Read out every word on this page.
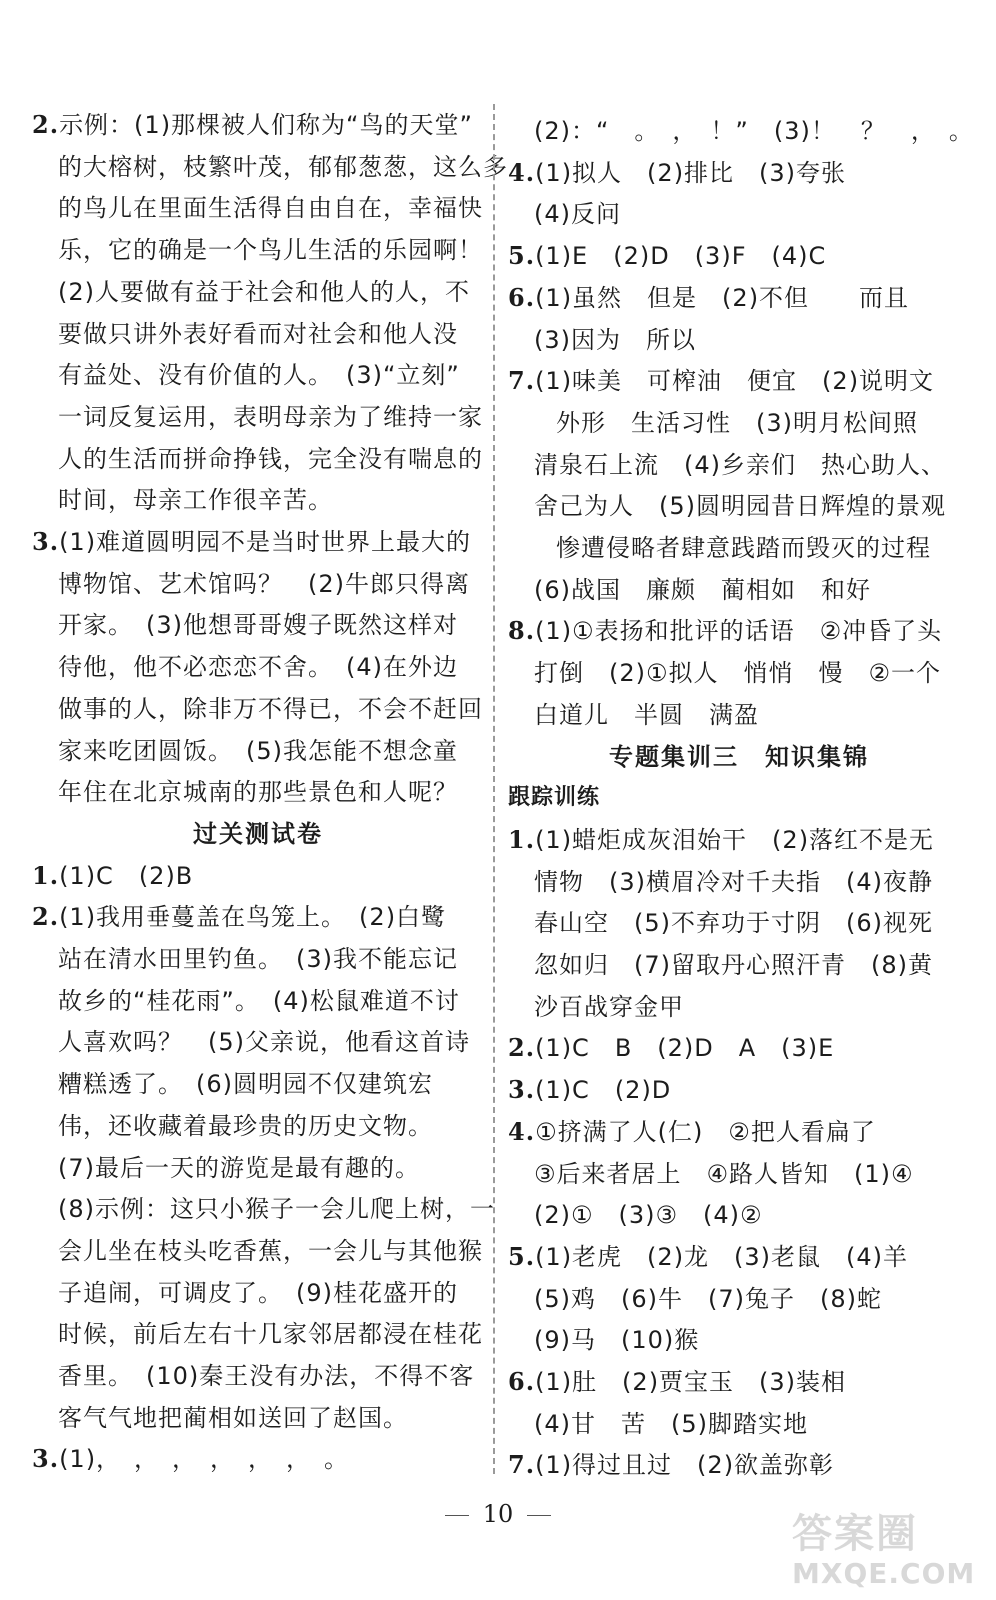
2.示例：(1)那棵被人们称为“鸟的天堂”
的大榕树，枝繁叶茂，郁郁葱葱，这么多
的鸟儿在里面生活得自由自在，幸福快
乐，它的确是一个鸟儿生活的乐园啊！
(2)人要做有益于社会和他人的人，不
要做只讲外表好看而对社会和他人没
有益处、没有价值的人。　(3)“立刻”
一词反复运用，表明母亲为了维持一家
人的生活而拼命挣钱，完全没有喘息的
时间，母亲工作很辛苦。
3.(1)难道圆明园不是当时世界上最大的
博物馆、艺术馆吗？　(2)牛郎只得离
开家。　(3)他想哥哥嫂子既然这样对
待他，他不必恋恋不舍。　(4)在外边
做事的人，除非万不得已，不会不赶回
家来吃团圆饭。　(5)我怎能不想念童
年住在北京城南的那些景色和人呢？
过关测试卷
1.(1)C　(2)B
2.(1)我用垂蔓盖在鸟笼上。　(2)白鹭
站在清水田里钓鱼。　(3)我不能忘记
故乡的“桂花雨”。　(4)松鼠难道不讨
人喜欢吗？　(5)父亲说，他看这首诗
糟糕透了。　(6)圆明园不仅建筑宏
伟，还收藏着最珍贵的历史文物。
(7)最后一天的游览是最有趣的。
(8)示例：这只小猴子一会儿爬上树，一
会儿坐在枝头吃香蕉，一会儿与其他猴
子追闹，可调皮了。　(9)桂花盛开的
时候，前后左右十几家邻居都浸在桂花
香里。　(10)秦王没有办法，不得不客
客气气地把蔺相如送回了赵国。
3.(1)，　，　，　，　，　，　。
(2)：“　。　，　！”　(3)！　？　，　。
4.(1)拟人　(2)排比　(3)夸张
(4)反问
5.(1)E　(2)D　(3)F　(4)C
6.(1)虽然　但是　(2)不但　　而且
(3)因为　所以
7.(1)味美　可榨油　便宜　(2)说明文
外形　生活习性　(3)明月松间照
清泉石上流　(4)乡亲们　热心助人、
舍己为人　(5)圆明园昔日辉煌的景观
惨遭侵略者肆意践踏而毁灭的过程
(6)战国　廉颇　蔺相如　和好
8.(1)①表扬和批评的话语　②冲昏了头
打倒　(2)①拟人　悄悄　慢　②一个
白道儿　半圆　满盈
专题集训三　知识集锦
跟踪训练
1.(1)蜡炬成灰泪始干　(2)落红不是无
情物　(3)横眉冷对千夫指　(4)夜静
春山空　(5)不弃功于寸阴　(6)视死
忽如归　(7)留取丹心照汗青　(8)黄
沙百战穿金甲
2.(1)C　B　(2)D　A　(3)E
3.(1)C　(2)D
4.①挤满了人(仁)　②把人看扁了
③后来者居上　④路人皆知　(1)④
(2)①　(3)③　(4)②
5.(1)老虎　(2)龙　(3)老鼠　(4)羊
(5)鸡　(6)牛　(7)兔子　(8)蛇
(9)马　(10)猴
6.(1)肚　(2)贾宝玉　(3)装相
(4)甘　苦　(5)脚踏实地
7.(1)得过且过　(2)欲盖弥彰
10	答案圈
MXQE.COM
